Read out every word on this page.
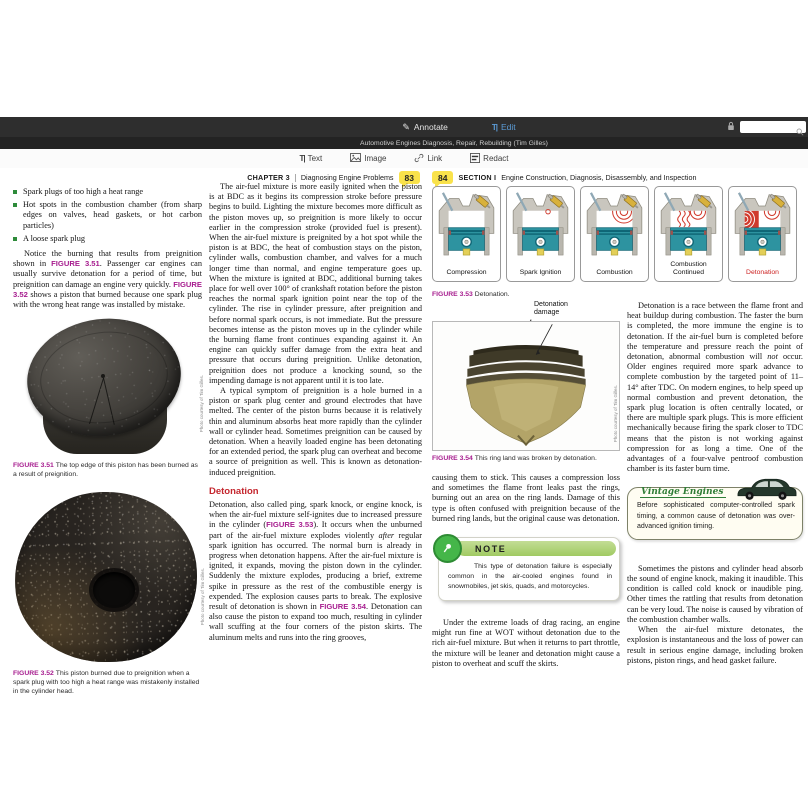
✎ Annotate	T| Edit
Automotive Engines Diagnosis, Repair, Rebuilding (Tim Gilles)
T| Text	Image	Link	Redact
CHAPTER 3 Diagnosing Engine Problems	83
Spark plugs of too high a heat range
Hot spots in the combustion chamber (from sharp edges on valves, head gaskets, or hot carbon particles)
A loose spark plug

Notice the burning that results from preignition shown in FIGURE 3.51. Passenger car engines can usually survive detonation for a period of time, but preignition can damage an engine very quickly. FIGURE 3.52 shows a piston that burned because one spark plug with the wrong heat range was installed by mistake.

Photo courtesy of Tim Gilles.

FIGURE 3.51 The top edge of this piston has been burned as a result of preignition.

Photo courtesy of Tim Gilles.

FIGURE 3.52 This piston burned due to preignition when a spark plug with too high a heat range was mistakenly installed in the cylinder head.

The air-fuel mixture is more easily ignited when the piston is at BDC as it begins its compression stroke before pressure begins to build. Lighting the mixture becomes more difficult as the piston moves up, so preignition is more likely to occur earlier in the compression stroke (provided fuel is present). When the air-fuel mixture is preignited by a hot spot while the piston is at BDC, the heat of combustion stays on the piston, cylinder walls, combustion chamber, and valves for a much longer time than normal, and engine temperature goes up. When the mixture is ignited at BDC, additional burning takes place for well over 100° of crankshaft rotation before the piston reaches the normal spark ignition point near the top of the cylinder. The rise in cylinder pressure, after preignition and before normal spark occurs, is not immediate. But the pressure becomes intense as the piston moves up in the cylinder while the burning flame front continues expanding against it. An engine can quickly suffer damage from the extra heat and pressure that occurs during preignition. Unlike detonation, preignition does not produce a knocking sound, so the impending damage is not apparent until it is too late.

A typical symptom of preignition is a hole burned in a piston or spark plug center and ground electrodes that have melted. The center of the piston burns because it is relatively thin and aluminum absorbs heat more rapidly than the cylinder wall or cylinder head. Sometimes preignition can be caused by detonation. When a heavily loaded engine has been detonating for an extended period, the spark plug can overheat and become a source of preignition as well. This is known as detonation-induced preignition.

Detonation

Detonation, also called ping, spark knock, or engine knock, is when the air-fuel mixture self-ignites due to increased pressure in the cylinder (FIGURE 3.53). It occurs when the unburned part of the air-fuel mixture explodes violently after regular spark ignition has occurred. The normal burn is already in progress when detonation happens. After the air-fuel mixture is ignited, it expands, moving the piston down in the cylinder. Suddenly the mixture explodes, producing a brief, extreme spike in pressure as the rest of the combustible energy is expended. The explosion causes parts to break. The explosive result of detonation is shown in FIGURE 3.54. Detonation can also cause the piston to expand too much, resulting in cylinder wall scuffing at the four corners of the piston skirts. The aluminum melts and runs into the ring grooves,

84	SECTION I Engine Construction, Diagnosis, Disassembly, and Inspection
Compression	Spark Ignition	Combustion
Combustion Continued	Detonation

FIGURE 3.53 Detonation.

Detonation damage
Photo courtesy of Tim Gilles.

FIGURE 3.54 This ring land was broken by detonation.

causing them to stick. This causes a compression loss and sometimes the flame front leaks past the rings, burning out an area on the ring lands. Damage of this type is often confused with preignition because of the burned ring lands, but the original cause was detonation.

NOTE

This type of detonation failure is especially common in the air-cooled engines found in snowmobiles, jet skis, quads, and motorcycles.

Under the extreme loads of drag racing, an engine might run fine at WOT without detonation due to the rich air-fuel mixture. But when it returns to part throttle, the mixture will be leaner and detonation might cause a piston to overheat and scuff the skirts.

Detonation is a race between the flame front and heat buildup during combustion. The faster the burn is completed, the more immune the engine is to detonation. If the air-fuel burn is completed before the temperature and pressure reach the point of detonation, abnormal combustion will not occur. Older engines required more spark advance to complete combustion by the targeted point of 11–14° after TDC. On modern engines, to help speed up normal combustion and prevent detonation, the spark plug location is often centrally located, or there are multiple spark plugs. This is more efficient mechanically because firing the spark closer to TDC means that the piston is not working against compression for as long a time. One of the advantages of a four-valve pentroof combustion chamber is its faster burn time.

Vintage Engines

Before sophisticated computer-controlled spark timing, a common cause of detonation was over-advanced ignition timing.

Sometimes the pistons and cylinder head absorb the sound of engine knock, making it inaudible. This condition is called cold knock or inaudible ping. Other times the rattling that results from detonation can be very loud. The noise is caused by vibration of the combustion chamber walls.

When the air-fuel mixture detonates, the explosion is instantaneous and the loss of power can result in serious engine damage, including broken pistons, piston rings, and head gasket failure.
